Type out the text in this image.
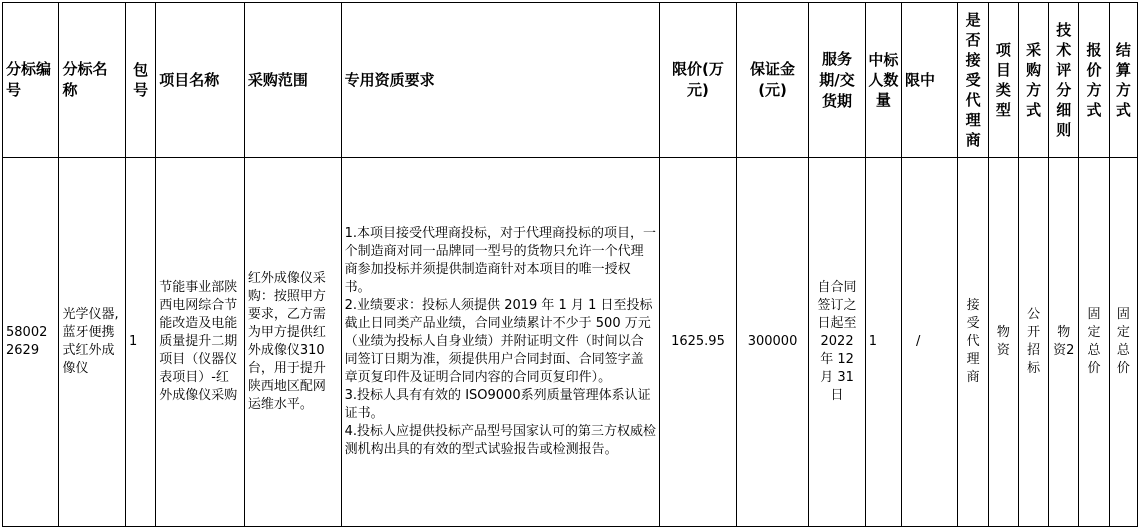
分标编号	分标名称	包号	项目名称	采购范围	专用资质要求	限价(万元)	保证金(元)	服务期/交货期	中标人数量	限中	是否接受代理商	项目类型	采购方式	技术评分细则	报价方式	结算方式
580022629	光学仪器,蓝牙便携式红外成像仪	1	节能事业部陕西电网综合节能改造及电能质量提升二期项目（仪器仪表项目）-红外成像仪采购	红外成像仪采购：按照甲方要求，乙方需为甲方提供红外成像仪310台，用于提升陕西地区配网运维水平。	1.本项目接受代理商投标，对于代理商投标的项目，一个制造商对同一品牌同一型号的货物只允许一个代理商参加投标并须提供制造商针对本项目的唯一授权书。

2.业绩要求：投标人须提供 2019 年 1 月 1 日至投标截止日同类产品业绩，合同业绩累计不少于 500 万元（业绩为投标人自身业绩）并附证明文件（时间以合同签订日期为准，须提供用户合同封面、合同签字盖章页复印件及证明合同内容的合同页复印件）。

3.投标人具有有效的 ISO9000系列质量管理体系认证证书。

4.投标人应提供投标产品型号国家认可的第三方权威检测机构出具的有效的型式试验报告或检测报告。	1625.95	300000	自合同签订之日起至 2022 年 12 月 31 日	1	/	接受代理商	物资	公开招标	物资2	固定总价	固定总价
